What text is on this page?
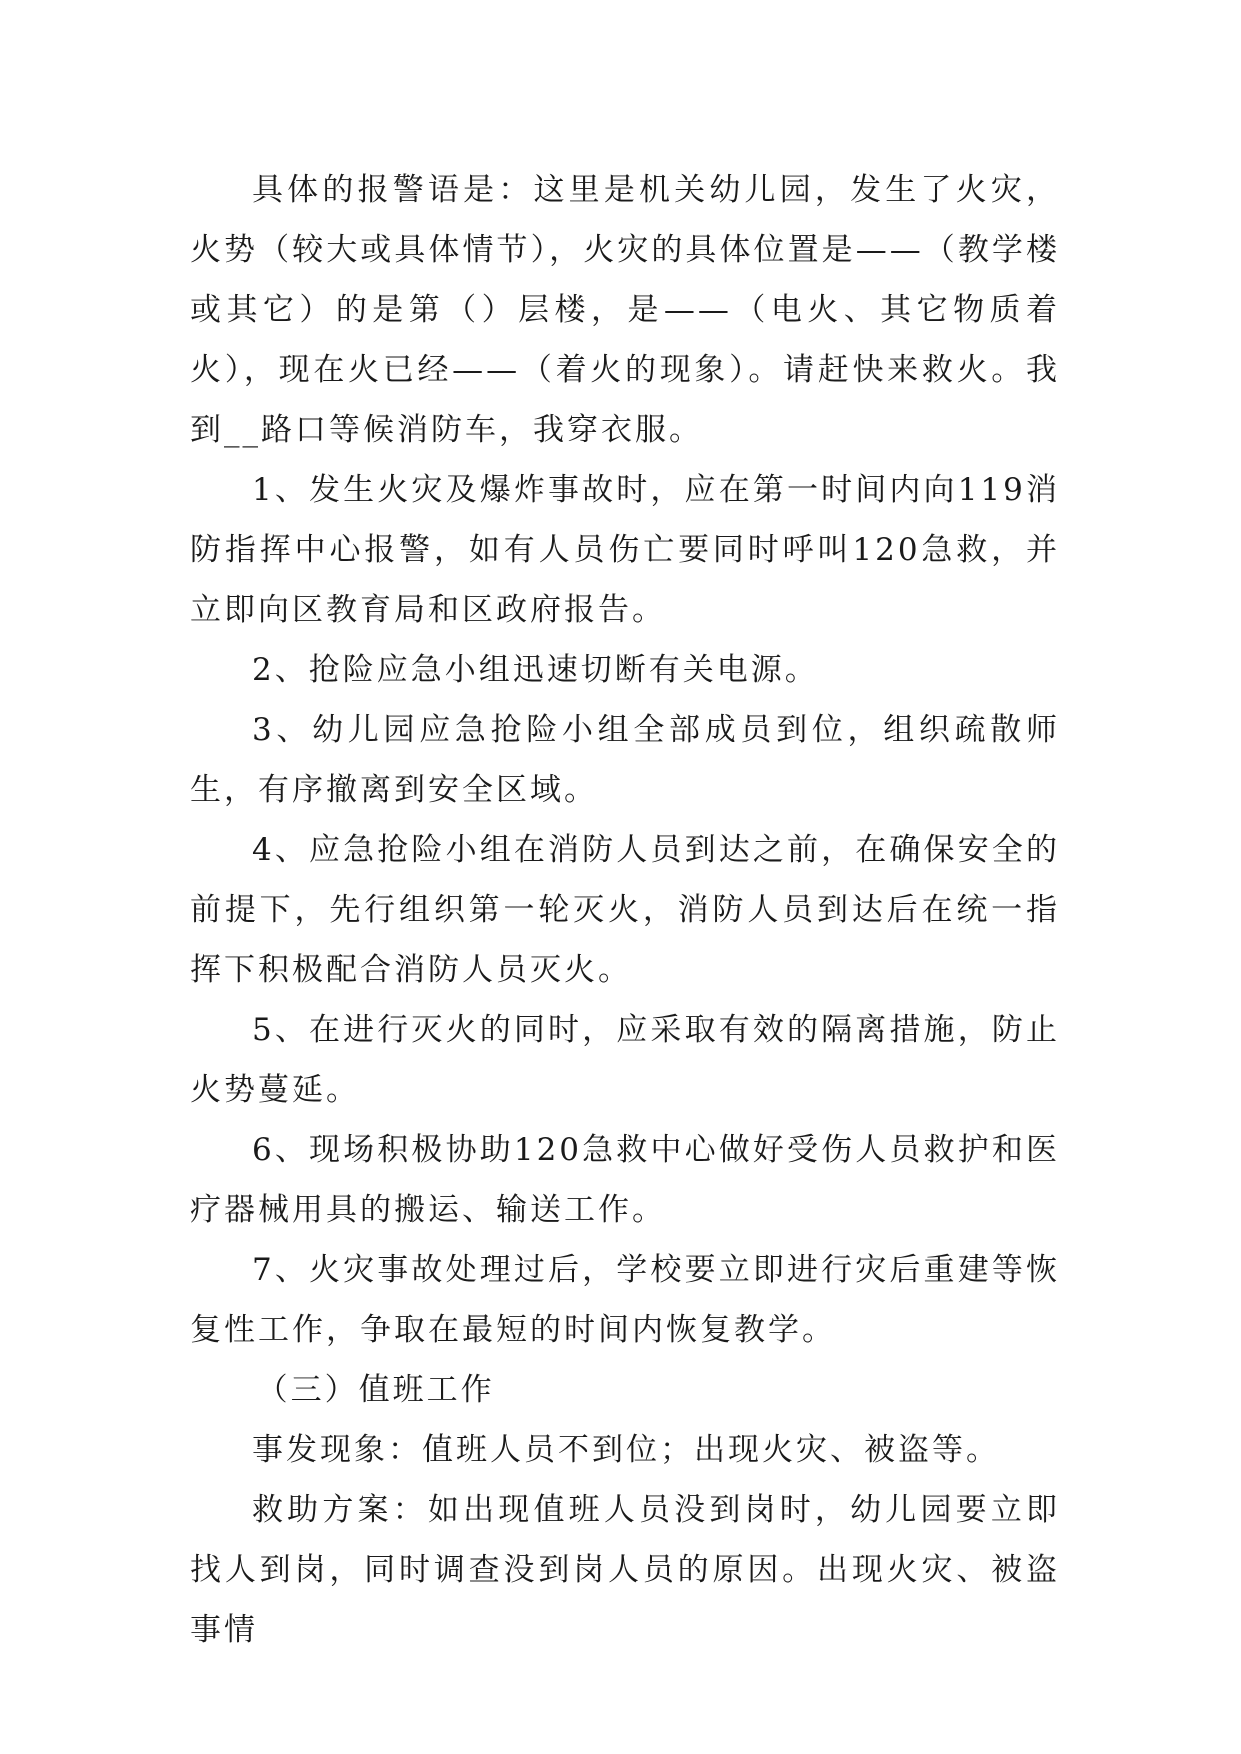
具体的报警语是：这里是机关幼儿园，发生了火灾，火势（较大或具体情节），火灾的具体位置是——（教学楼或其它）的是第（）层楼，是——（电火、其它物质着火），现在火已经——（着火的现象）。请赶快来救火。我到__路口等候消防车，我穿衣服。

1、发生火灾及爆炸事故时，应在第一时间内向119消防指挥中心报警，如有人员伤亡要同时呼叫120急救，并立即向区教育局和区政府报告。

2、抢险应急小组迅速切断有关电源。

3、幼儿园应急抢险小组全部成员到位，组织疏散师生，有序撤离到安全区域。

4、应急抢险小组在消防人员到达之前，在确保安全的前提下，先行组织第一轮灭火，消防人员到达后在统一指挥下积极配合消防人员灭火。

5、在进行灭火的同时，应采取有效的隔离措施，防止火势蔓延。

6、现场积极协助120急救中心做好受伤人员救护和医疗器械用具的搬运、输送工作。

7、火灾事故处理过后，学校要立即进行灾后重建等恢复性工作，争取在最短的时间内恢复教学。

（三）值班工作

事发现象：值班人员不到位；出现火灾、被盗等。

救助方案：如出现值班人员没到岗时，幼儿园要立即找人到岗，同时调查没到岗人员的原因。出现火灾、被盗事情
